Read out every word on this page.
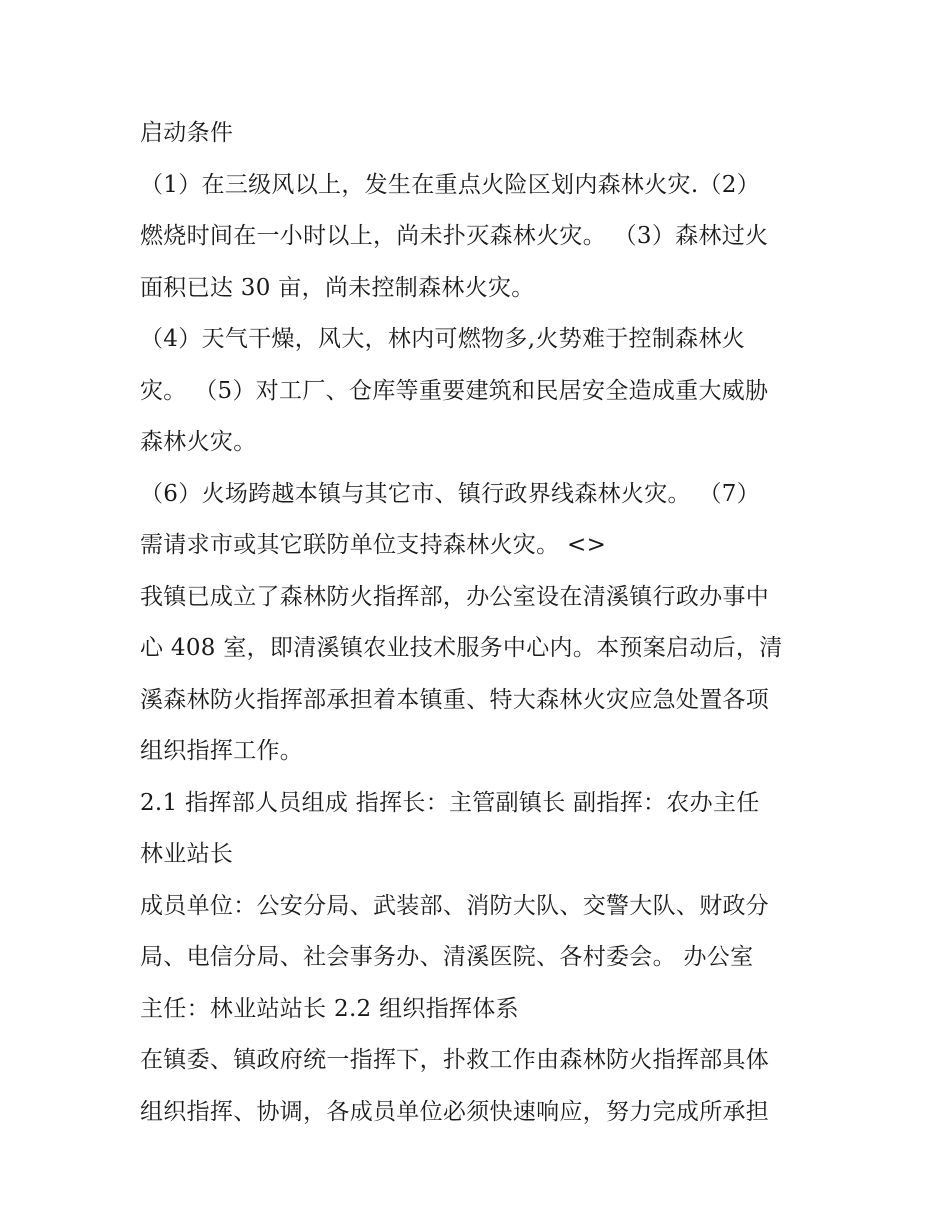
启动条件
（1）在三级风以上，发生在重点火险区划内森林火灾.（2）
燃烧时间在一小时以上，尚未扑灭森林火灾。 （3）森林过火
面积已达 30 亩，尚未控制森林火灾。
（4）天气干燥，风大，林内可燃物多,火势难于控制森林火
灾。 （5）对工厂、仓库等重要建筑和民居安全造成重大威胁
森林火灾。
（6）火场跨越本镇与其它市、镇行政界线森林火灾。 （7）
需请求市或其它联防单位支持森林火灾。 <>
我镇已成立了森林防火指挥部，办公室设在清溪镇行政办事中
心 408 室，即清溪镇农业技术服务中心内。本预案启动后，清
溪森林防火指挥部承担着本镇重、特大森林火灾应急处置各项
组织指挥工作。
2.1 指挥部人员组成 指挥长：主管副镇长 副指挥：农办主任
林业站长
成员单位：公安分局、武装部、消防大队、交警大队、财政分
局、电信分局、社会事务办、清溪医院、各村委会。 办公室
主任：林业站站长 2.2 组织指挥体系
在镇委、镇政府统一指挥下，扑救工作由森林防火指挥部具体
组织指挥、协调，各成员单位必须快速响应，努力完成所承担
